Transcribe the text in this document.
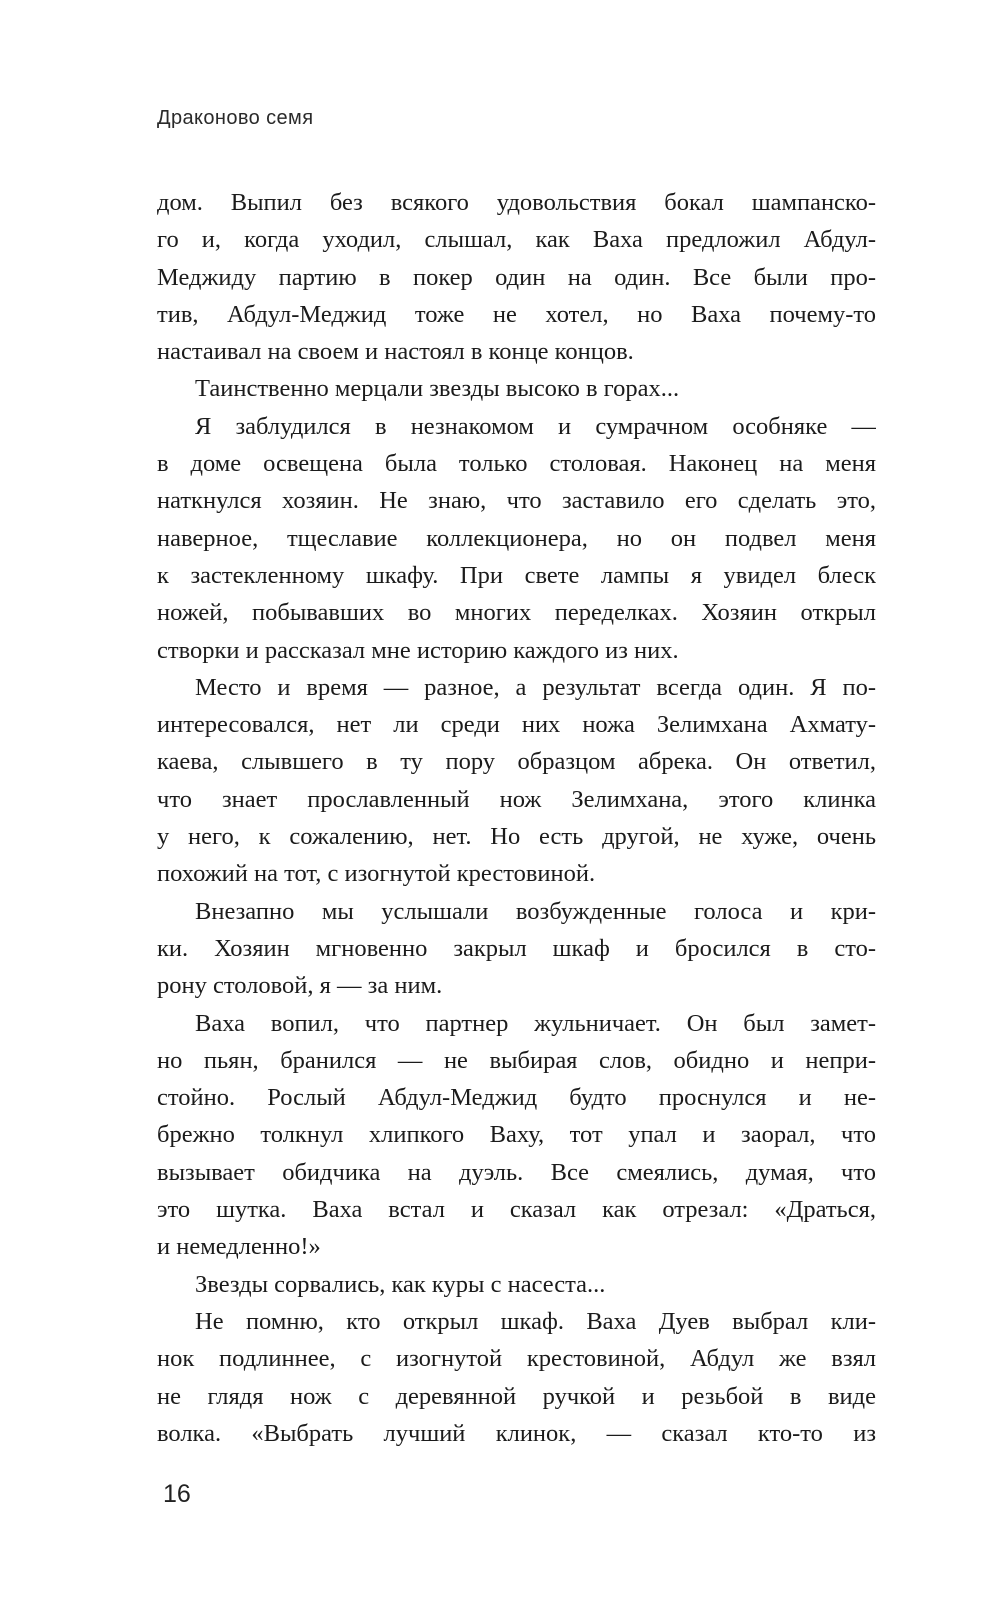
Драконово семя
дом. Выпил без всякого удовольствия бокал шампанско-
го и, когда уходил, слышал, как Ваха предложил Абдул-
Меджиду партию в покер один на один. Все были про-
тив, Абдул-Меджид тоже не хотел, но Ваха почему-то
настаивал на своем и настоял в конце концов.
Таинственно мерцали звезды высоко в горах...
Я заблудился в незнакомом и сумрачном особняке —
в доме освещена была только столовая. Наконец на меня
наткнулся хозяин. Не знаю, что заставило его сделать это,
наверное, тщеславие коллекционера, но он подвел меня
к застекленному шкафу. При свете лампы я увидел блеск
ножей, побывавших во многих переделках. Хозяин открыл
створки и рассказал мне историю каждого из них.
Место и время — разное, а результат всегда один. Я по-
интересовался, нет ли среди них ножа Зелимхана Ахмату-
каева, слывшего в ту пору образцом абрека. Он ответил,
что знает прославленный нож Зелимхана, этого клинка
у него, к сожалению, нет. Но есть другой, не хуже, очень
похожий на тот, с изогнутой крестовиной.
Внезапно мы услышали возбужденные голоса и кри-
ки. Хозяин мгновенно закрыл шкаф и бросился в сто-
рону столовой, я — за ним.
Ваха вопил, что партнер жульничает. Он был замет-
но пьян, бранился — не выбирая слов, обидно и непри-
стойно. Рослый Абдул-Меджид будто проснулся и не-
брежно толкнул хлипкого Ваху, тот упал и заорал, что
вызывает обидчика на дуэль. Все смеялись, думая, что
это шутка. Ваха встал и сказал как отрезал: «Драться,
и немедленно!»
Звезды сорвались, как куры с насеста...
Не помню, кто открыл шкаф. Ваха Дуев выбрал кли-
нок подлиннее, с изогнутой крестовиной, Абдул же взял
не глядя нож с деревянной ручкой и резьбой в виде
волка. «Выбрать лучший клинок, — сказал кто-то из
16
